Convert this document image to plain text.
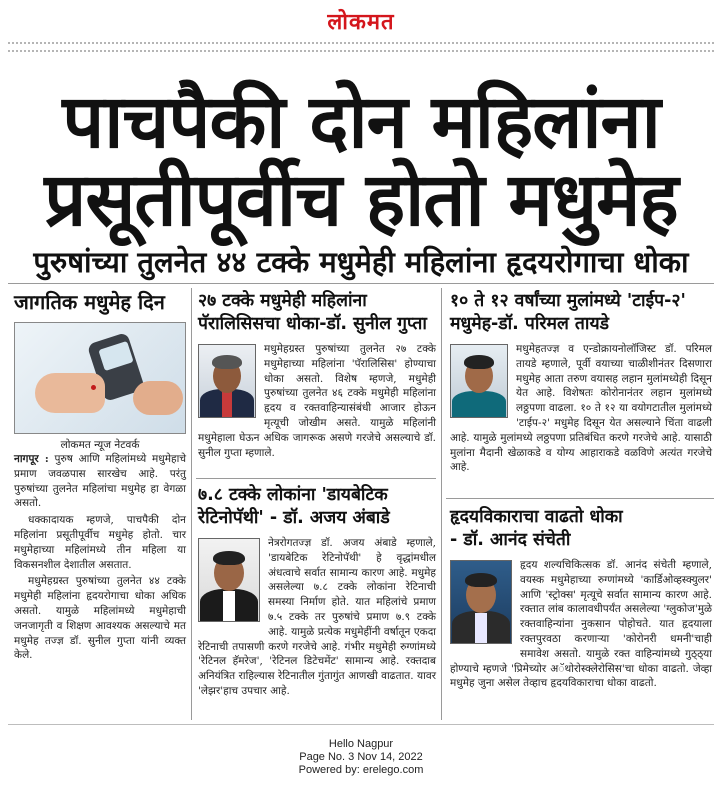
लोकमत
पाचपैकी दोन महिलांना
प्रसूतीपूर्वीच होतो मधुमेह
पुरुषांच्या तुलनेत ४४ टक्के मधुमेही महिलांना हृदयरोगाचा धोका
जागतिक मधुमेह दिन
लोकमत न्यूज नेटवर्क

नागपूर : पुरुष आणि महिलांमध्ये मधुमेहाचे प्रमाण जवळपास सारखेच आहे. परंतु पुरुषांच्या तुलनेत महिलांचा मधुमेह हा वेगळा असतो.

धक्कादायक म्हणजे, पाचपैकी दोन महिलांना प्रसूतीपूर्वीच मधुमेह होतो. चार मधुमेहाच्या महिलांमध्ये तीन महिला या विकसनशील देशातील असतात.

मधुमेहग्रस्त पुरुषांच्या तुलनेत ४४ टक्के मधुमेही महिलांना हृदयरोगाचा धोका अधिक असतो. यामुळे महिलांमध्ये मधुमेहाची जनजागृती व शिक्षण आवश्यक असल्याचे मत मधुमेह तज्ज्ञ डॉ. सुनील गुप्ता यांनी व्यक्त केले.

२७ टक्के मधुमेही महिलांना
पॅरालिसिसचा धोका-डॉ. सुनील गुप्ता

मधुमेहग्रस्त पुरुषांच्या तुलनेत २७ टक्के मधुमेहाच्या महिलांना 'पॅरालिसिस' होण्याचा धोका असतो. विशेष म्हणजे, मधुमेही पुरुषांच्या तुलनेत ४६ टक्के मधुमेही महिलांना हृदय व रक्तवाहिन्यासंबंधी आजार होऊन मृत्यूची जोखीम असते. यामुळे महिलांनी मधुमेहाला घेऊन अधिक जागरूक असणे गरजेचे असल्याचे डॉ. सुनील गुप्ता म्हणाले.

७.८ टक्के लोकांना 'डायबेटिक
रेटिनोपॅथी' - डॉ. अजय अंबाडे

नेत्ररोगतज्ज्ञ डॉ. अजय अंबाडे म्हणाले, 'डायबेटिक रेटिनोपॅथी' हे वृद्धांमधील अंधत्वाचे सर्वात सामान्य कारण आहे. मधुमेह असलेल्या ७.८ टक्के लोकांना रेटिनाची समस्या निर्माण होते. यात महिलांचे प्रमाण ७.५ टक्के तर पुरुषांचे प्रमाण ७.९ टक्के आहे. यामुळे प्रत्येक मधुमेहींनी वर्षातून एकदा रेटिनाची तपासणी करणे गरजेचे आहे. गंभीर मधुमेही रुग्णांमध्ये 'रेटिनल हॅमरेज', 'रेटिनल डिटेचमेंट' सामान्य आहे. रक्तदाब अनियंत्रित राहिल्यास रेटिनातील गुंतागुंत आणखी वाढतात. यावर 'लेझर'हाच उपचार आहे.

१० ते १२ वर्षांच्या मुलांमध्ये 'टाईप-२'
मधुमेह-डॉ. परिमल तायडे

मधुमेहतज्ज्ञ व एन्डोक्रायनोलॉजिस्ट डॉ. परिमल तायडे म्हणाले, पूर्वी वयाच्या चाळीशीनंतर दिसणारा मधुमेह आता तरुण वयासह लहान मुलांमध्येही दिसून येत आहे. विशेषतः कोरोनानंतर लहान मुलांमध्ये लठ्ठपणा वाढला. १० ते १२ या वयोगटातील मुलांमध्ये 'टाईप-२' मधुमेह दिसून येत असल्याने चिंता वाढली आहे. यामुळे मुलांमध्ये लठ्ठपणा प्रतिबंधित करणे गरजेचे आहे. यासाठी मुलांना मैदानी खेळाकडे व योग्य आहाराकडे वळविणे अत्यंत गरजेचे आहे.

हृदयविकाराचा वाढतो धोका
- डॉ. आनंद संचेती

हृदय शल्यचिकित्सक डॉ. आनंद संचेती म्हणाले, वयस्क मधुमेहाच्या रुग्णांमध्ये 'कार्डिओव्हस्क्युलर' आणि 'स्ट्रोक्स' मृत्यूचे सर्वात सामान्य कारण आहे. रक्तात लांब कालावधीपर्यंत असलेल्या 'ग्लुकोज'मुळे रक्तवाहिन्यांना नुकसान पोहोचते. यात हृदयाला रक्तपुरवठा करणाऱ्या 'कोरोनरी धमनी'चाही समावेश असतो. यामुळे रक्त वाहिन्यांमध्ये गुठ्ठ्या होण्याचे म्हणजे 'प्रिमेच्योर अॅथोरोस्क्लेरोसिस'चा धोका वाढतो. जेव्हा मधुमेह जुना असेल तेव्हाच हृदयविकाराचा धोका वाढतो.

Hello Nagpur
Page No. 3 Nov 14, 2022
Powered by: erelego.com
